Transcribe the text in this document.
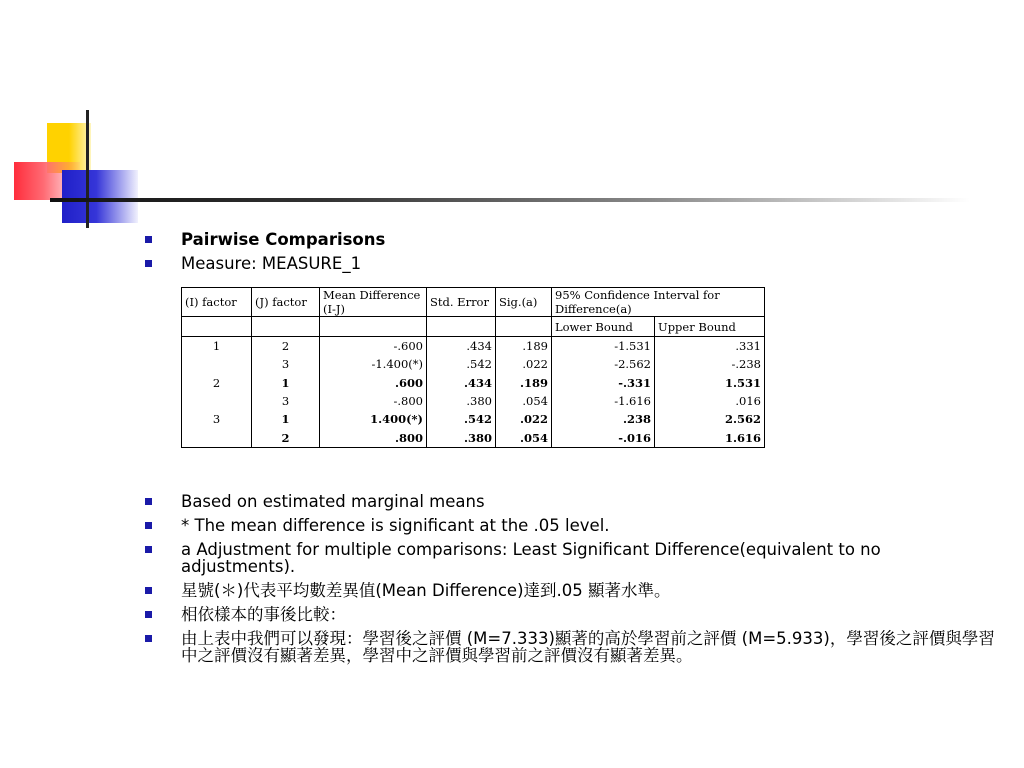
Pairwise Comparisons
Measure: MEASURE_1
(I) factor	(J) factor	Mean Difference (I-J)	Std. Error	Sig.(a)	95% Confidence Interval for Difference(a)	
					Lower Bound	Upper Bound
1	2	-.600	.434	.189	-1.531	.331
	3	-1.400(*)	.542	.022	-2.562	-.238
2	1	.600	.434	.189	-.331	1.531
	3	-.800	.380	.054	-1.616	.016
3	1	1.400(*)	.542	.022	.238	2.562
	2	.800	.380	.054	-.016	1.616
Based on estimated marginal means
* The mean difference is significant at the .05 level.
a Adjustment for multiple comparisons: Least Significant Difference(equivalent to no adjustments).
星號(＊)代表平均數差異值(Mean Difference)達到.05 顯著水準。
相依樣本的事後比較：
由上表中我們可以發現：學習後之評價 (M=7.333)顯著的高於學習前之評價 (M=5.933)，學習後之評價與學習中之評價沒有顯著差異，學習中之評價與學習前之評價沒有顯著差異。
